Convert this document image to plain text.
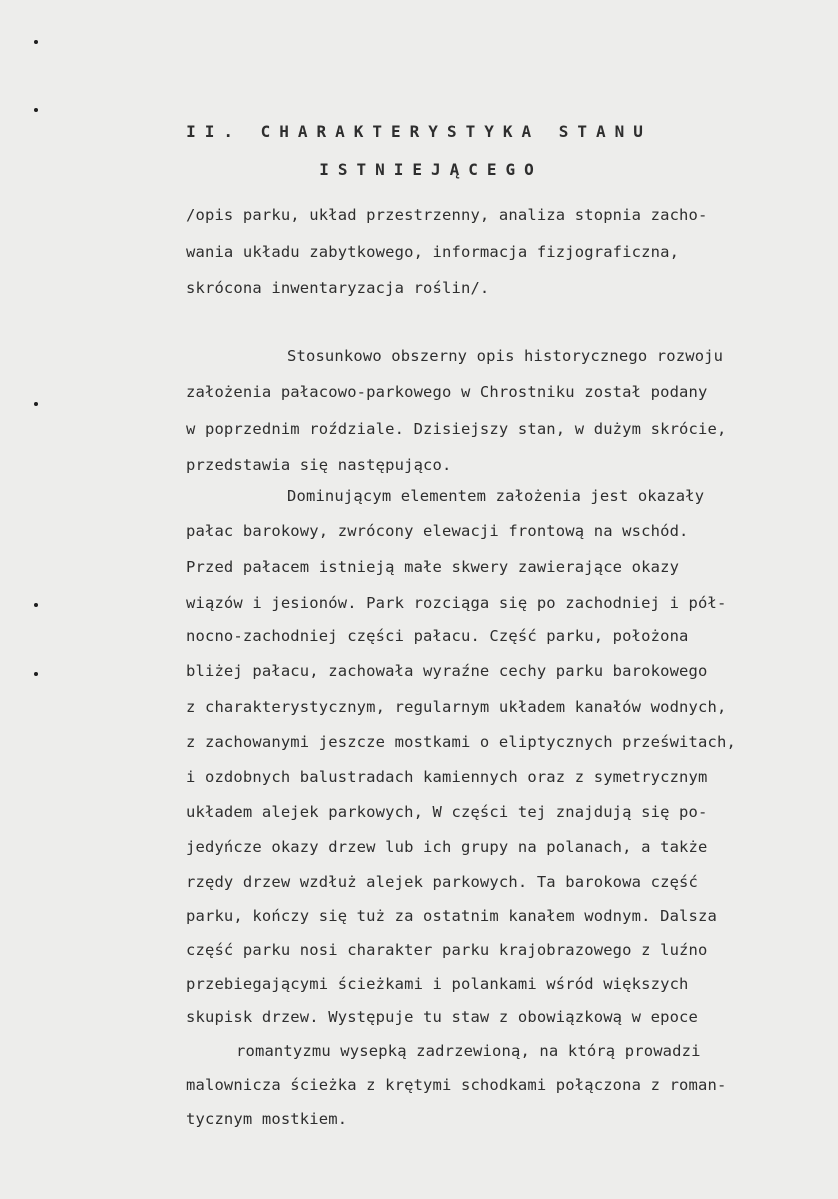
II. CHARAKTERYSTYKA STANU
ISTNIEJĄCEGO
/opis parku, układ przestrzenny, analiza stopnia zacho-
wania układu zabytkowego, informacja fizjograficzna,
skrócona inwentaryzacja roślin/.
Stosunkowo obszerny opis historycznego rozwoju
założenia pałacowo-parkowego w Chrostniku został podany
w poprzednim roździale. Dzisiejszy stan, w dużym skrócie,
przedstawia się następująco.
Dominującym elementem założenia jest okazały
pałac barokowy, zwrócony elewacji frontową na wschód.
Przed pałacem istnieją małe skwery zawierające okazy
wiązów i jesionów. Park rozciąga się po zachodniej i pół-
nocno-zachodniej części pałacu. Część parku, położona
bliżej pałacu, zachowała wyraźne cechy parku barokowego
z charakterystycznym, regularnym układem kanałów wodnych,
z zachowanymi jeszcze mostkami o eliptycznych prześwitach,
i ozdobnych balustradach kamiennych oraz z symetrycznym
układem alejek parkowych, W części tej znajdują się po-
jedyńcze okazy drzew lub ich grupy na polanach, a także
rzędy drzew wzdłuż alejek parkowych. Ta barokowa część
parku, kończy się tuż za ostatnim kanałem wodnym. Dalsza
część parku nosi charakter parku krajobrazowego z luźno
przebiegającymi ścieżkami i polankami wśród większych
skupisk drzew. Występuje tu staw z obowiązkową w epoce
romantyzmu wysepką zadrzewioną, na którą prowadzi
malownicza ścieżka z krętymi schodkami połączona z roman-
tycznym mostkiem.
